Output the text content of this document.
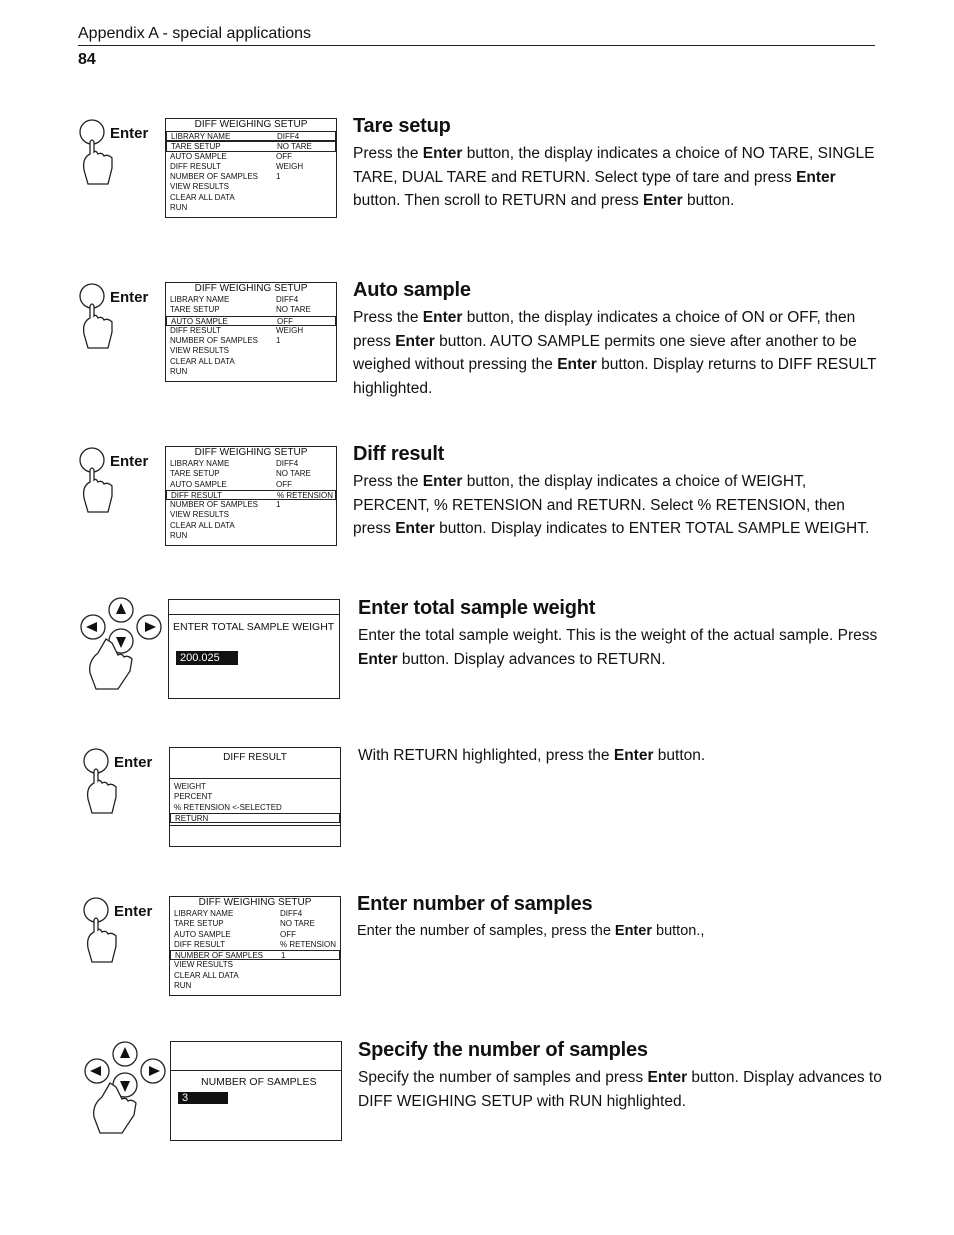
Appendix A - special applications
84
Enter
DIFF WEIGHING SETUP
LIBRARY NAME	DIFF4
TARE SETUP	NO TARE
AUTO SAMPLE	OFF
DIFF RESULT	WEIGH
NUMBER OF SAMPLES 1
VIEW RESULTS
CLEAR ALL DATA
RUN
Tare setup

Press the Enter button, the display indicates a choice of NO TARE, SINGLE TARE, DUAL TARE and RETURN. Select type of tare and press Enter button. Then scroll to RETURN and press Enter button.

Enter
DIFF WEIGHING SETUP
LIBRARY NAME	DIFF4
TARE SETUP	NO TARE
AUTO SAMPLE	OFF
DIFF RESULT	WEIGH
NUMBER OF SAMPLES 1
VIEW RESULTS
CLEAR ALL DATA
RUN
Auto sample

Press the Enter button, the display indicates a choice of ON or OFF, then press Enter button. AUTO SAMPLE permits one sieve after another to be weighed without pressing the Enter button. Display returns to DIFF RESULT highlighted.

Enter
DIFF WEIGHING SETUP
LIBRARY NAME	DIFF4
TARE SETUP	NO TARE
AUTO SAMPLE	OFF
DIFF RESULT	% RETENSION
NUMBER OF SAMPLES 1
VIEW RESULTS
CLEAR ALL DATA
RUN
Diff result

Press the Enter button, the display indicates a choice of WEIGHT, PERCENT, % RETENSION and RETURN. Select % RETENSION, then press Enter button. Display indicates to ENTER TOTAL SAMPLE WEIGHT.

ENTER TOTAL SAMPLE WEIGHT
200.025
Enter total sample weight

Enter the total sample weight. This is the weight of the actual sample. Press Enter button. Display advances to RETURN.

Enter	DIFF RESULT
WEIGHT
PERCENT
% RETENSION <-SELECTED
RETURN

With RETURN highlighted, press the Enter button.

Enter
DIFF WEIGHING SETUP
LIBRARY NAME	DIFF4
TARE SETUP	NO TARE
AUTO SAMPLE	OFF
DIFF RESULT	% RETENSION
NUMBER OF SAMPLES 1
VIEW RESULTS
CLEAR ALL DATA
RUN
Enter number of samples

Enter the number of samples, press the Enter button.,

NUMBER OF SAMPLES
3
Specify the number of samples

Specify the number of samples and press Enter button. Display advances to DIFF WEIGHING SETUP with RUN highlighted.
